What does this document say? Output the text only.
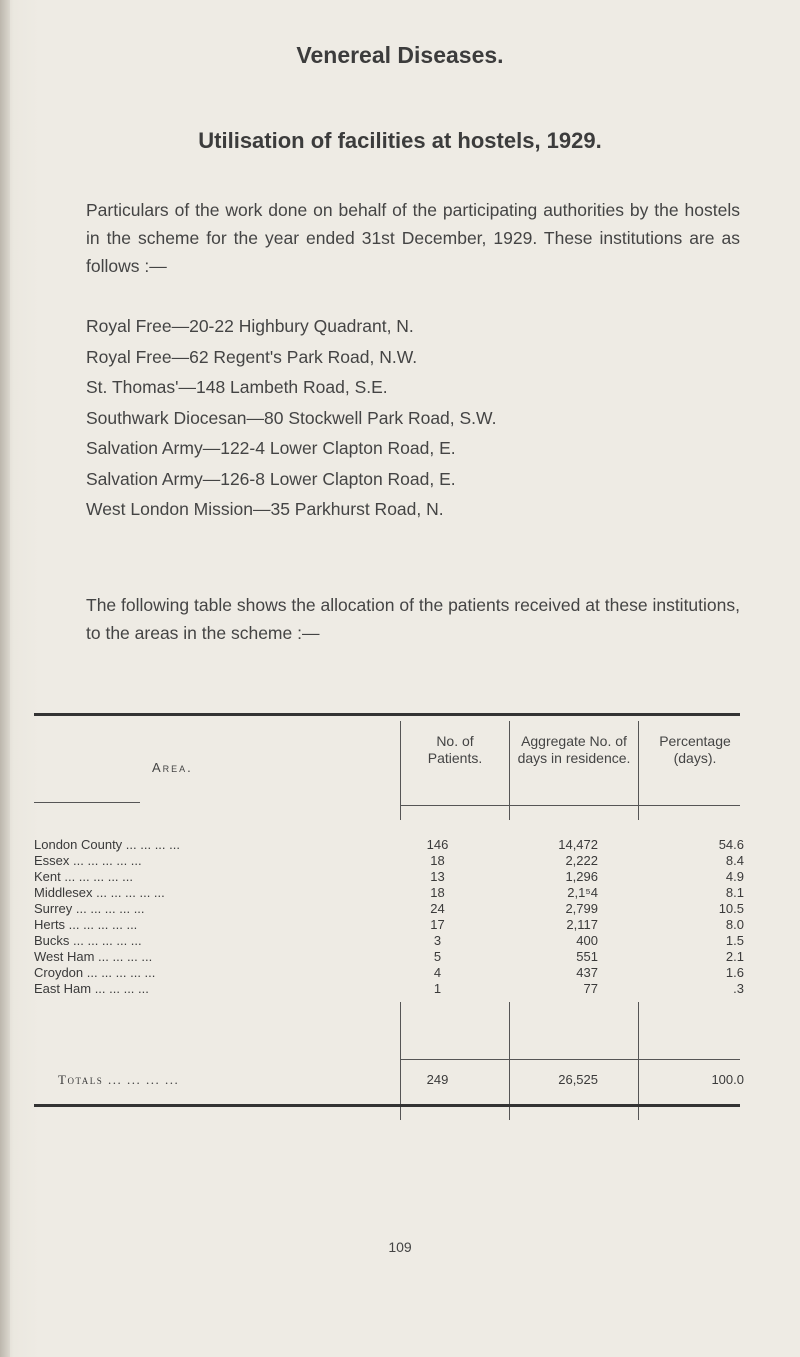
Venereal Diseases.
Utilisation of facilities at hostels, 1929.
Particulars of the work done on behalf of the participating authorities by the hostels in the scheme for the year ended 31st December, 1929. These institutions are as follows :—
Royal Free—20-22 Highbury Quadrant, N.
Royal Free—62 Regent's Park Road, N.W.
St. Thomas'—148 Lambeth Road, S.E.
Southwark Diocesan—80 Stockwell Park Road, S.W.
Salvation Army—122-4 Lower Clapton Road, E.
Salvation Army—126-8 Lower Clapton Road, E.
West London Mission—35 Parkhurst Road, N.
The following table shows the allocation of the patients received at these institutions, to the areas in the scheme :—
Area.
No. of Patients.
Aggregate No. of days in residence.
Percentage (days).
London County ... ... ... ...	146	14,472	54.6
Essex ... ... ... ... ...	18	2,222	8.4
Kent ... ... ... ... ...	13	1,296	4.9
Middlesex ... ... ... ... ...	18	2,1⁵4	8.1
Surrey ... ... ... ... ...	24	2,799	10.5
Herts ... ... ... ... ...	17	2,117	8.0
Bucks ... ... ... ... ...	3	400	1.5
West Ham ... ... ... ...	5	551	2.1
Croydon ... ... ... ... ...	4	437	1.6
East Ham ... ... ... ...	1	77	.3
Totals ... ... ... ...	249	26,525	100.0
109
